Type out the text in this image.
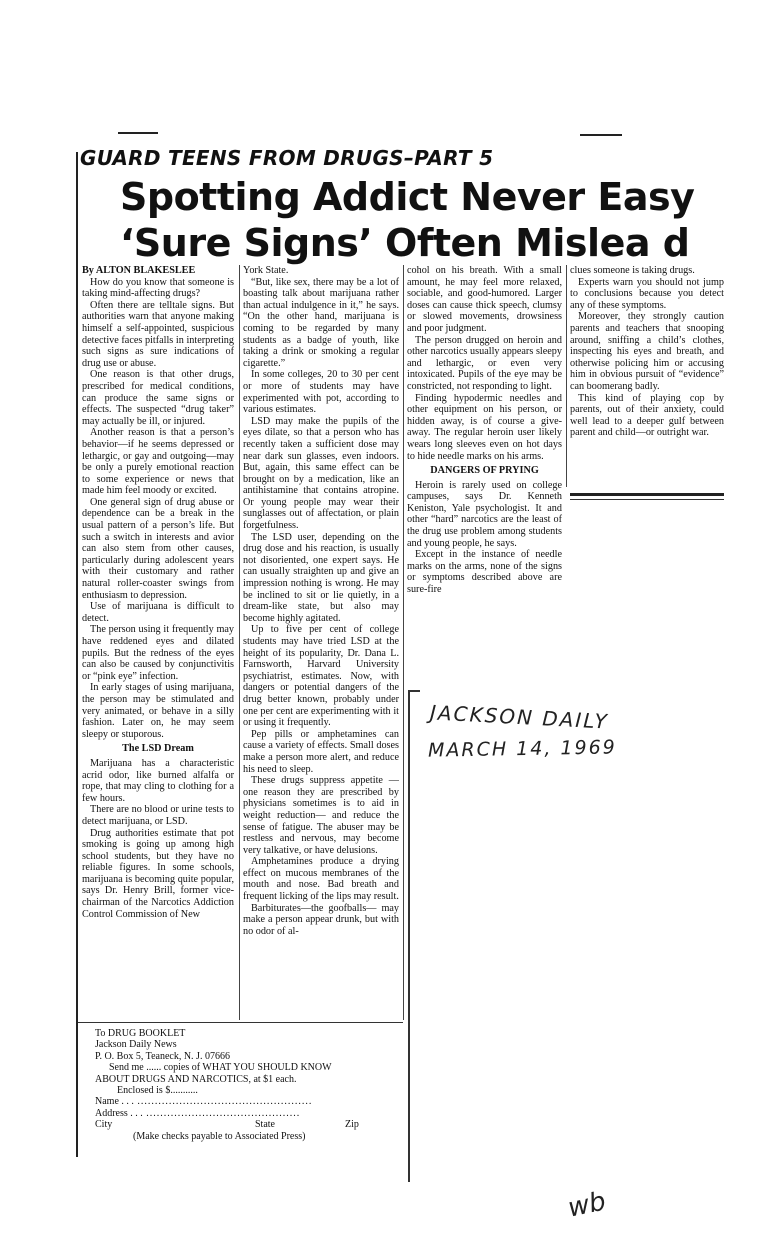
GUARD TEENS FROM DRUGS–PART 5
Spotting Addict Never Easy
‘Sure Signs’ Often Mislea d

By ALTON BLAKESLEE

How do you know that someone is taking mind-affecting drugs?

Often there are telltale signs. But authorities warn that anyone making himself a self-appointed, suspicious detective faces pitfalls in interpreting such signs as sure indications of drug use or abuse.

One reason is that other drugs, prescribed for medical conditions, can produce the same signs or effects. The suspected “drug taker” may actually be ill, or injured.

Another reason is that a person’s behavior—if he seems depressed or lethargic, or gay and outgoing—may be only a purely emotional reaction to some experience or news that made him feel moody or excited.

One general sign of drug abuse or dependence can be a break in the usual pattern of a person’s life. But such a switch in interests and avior can also stem from other causes, particularly during adolescent years with their customary and rather natural roller-coaster swings from enthusiasm to depression.

Use of marijuana is difficult to detect.

The person using it frequently may have reddened eyes and dilated pupils. But the redness of the eyes can also be caused by conjunctivitis or “pink eye” infection.

In early stages of using marijuana, the person may be stimulated and very animated, or behave in a silly fashion. Later on, he may seem sleepy or stuporous.

The LSD Dream

Marijuana has a characteristic acrid odor, like burned alfalfa or rope, that may cling to clothing for a few hours.

There are no blood or urine tests to detect marijuana, or LSD.

Drug authorities estimate that pot smoking is going up among high school students, but they have no reliable figures. In some schools, marijuana is becoming quite popular, says Dr. Henry Brill, former vice-chairman of the Narcotics Addiction Control Commission of New

York State.

“But, like sex, there may be a lot of boasting talk about marijuana rather than actual indulgence in it,” he says. “On the other hand, marijuana is coming to be regarded by many students as a badge of youth, like taking a drink or smoking a regular cigarette.”

In some colleges, 20 to 30 per cent or more of students may have experimented with pot, according to various estimates.

LSD may make the pupils of the eyes dilate, so that a person who has recently taken a sufficient dose may near dark sun glasses, even indoors. But, again, this same effect can be brought on by a medication, like an antihistamine that contains atropine. Or young people may wear their sunglasses out of affectation, or plain forgetfulness.

The LSD user, depending on the drug dose and his reaction, is usually not disoriented, one expert says. He can usually straighten up and give an impression nothing is wrong. He may be inclined to sit or lie quietly, in a dream-like state, but also may become highly agitated.

Up to five per cent of college students may have tried LSD at the height of its popularity, Dr. Dana L. Farnsworth, Harvard University psychiatrist, estimates. Now, with dangers or potential dangers of the drug better known, probably under one per cent are experimenting with it or using it frequently.

Pep pills or amphetamines can cause a variety of effects. Small doses make a person more alert, and reduce his need to sleep.

These drugs suppress appetite —one reason they are prescribed by physicians sometimes is to aid in weight reduction— and reduce the sense of fatigue. The abuser may be restless and nervous, may become very talkative, or have delusions.

Amphetamines produce a drying effect on mucous membranes of the mouth and nose. Bad breath and frequent licking of the lips may result.

Barbiturates—the goofballs— may make a person appear drunk, but with no odor of al-

cohol on his breath. With a small amount, he may feel more relaxed, sociable, and good-humored. Larger doses can cause thick speech, clumsy or slowed movements, drowsiness and poor judgment.

The person drugged on heroin and other narcotics usually appears sleepy and lethargic, or even very intoxicated. Pupils of the eye may be constricted, not responding to light.

Finding hypodermic needles and other equipment on his person, or hidden away, is of course a give-away. The regular heroin user likely wears long sleeves even on hot days to hide needle marks on his arms.

DANGERS OF PRYING

Heroin is rarely used on college campuses, says Dr. Kenneth Keniston, Yale psychologist. It and other “hard” narcotics are the least of the drug use problem among students and young people, he says.

Except in the instance of needle marks on the arms, none of the signs or symptoms described above are sure-fire

clues someone is taking drugs.

Experts warn you should not jump to conclusions because you detect any of these symptoms.

Moreover, they strongly caution parents and teachers that snooping around, sniffing a child’s clothes, inspecting his eyes and breath, and otherwise policing him or accusing him in obvious pursuit of “evidence” can boomerang badly.

This kind of playing cop by parents, out of their anxiety, could well lead to a deeper gulf between parent and child—or outright war.

To DRUG BOOKLET
Jackson Daily News
P. O. Box 5, Teaneck, N. J. 07666
Send me ...... copies of WHAT YOU SHOULD KNOW
ABOUT DRUGS AND NARCOTICS, at $1 each.
Enclosed is $...........
Name . . . ..................................................
Address . . . ............................................
City	State	Zip
(Make checks payable to Associated Press)
JACKSON DAILY
MARCH 14, 1969
wb
